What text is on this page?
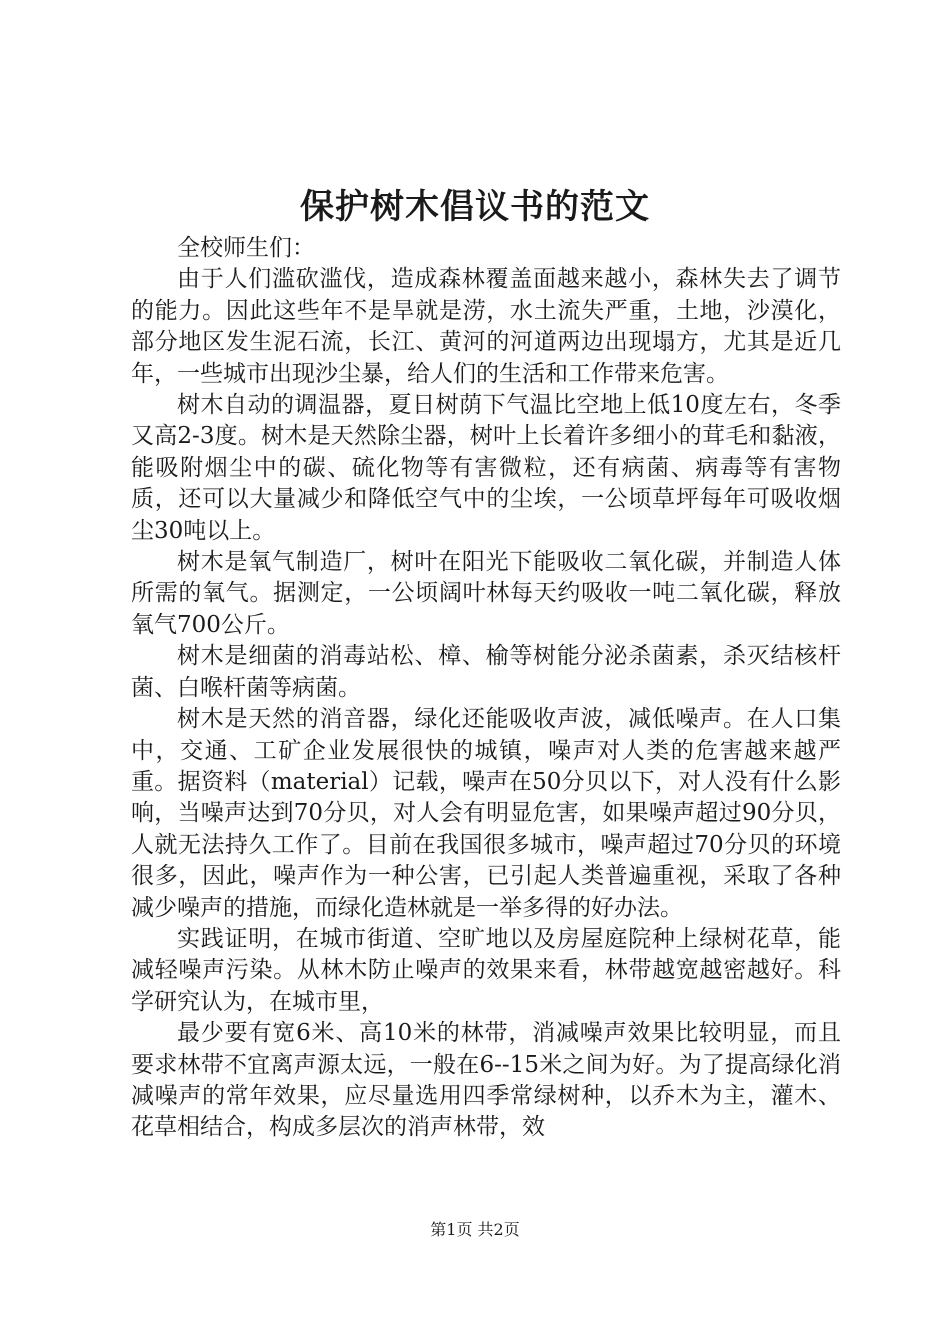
保护树木倡议书的范文

全校师生们：

由于人们滥砍滥伐，造成森林覆盖面越来越小，森林失去了调节的能力。因此这些年不是旱就是涝，水土流失严重，土地，沙漠化，部分地区发生泥石流，长江、黄河的河道两边出现塌方，尤其是近几年，一些城市出现沙尘暴，给人们的生活和工作带来危害。

树木自动的调温器，夏日树荫下气温比空地上低10度左右，冬季又高2-3度。树木是天然除尘器，树叶上长着许多细小的茸毛和黏液，能吸附烟尘中的碳、硫化物等有害微粒，还有病菌、病毒等有害物质，还可以大量减少和降低空气中的尘埃，一公顷草坪每年可吸收烟尘30吨以上。

树木是氧气制造厂，树叶在阳光下能吸收二氧化碳，并制造人体所需的氧气。据测定，一公顷阔叶林每天约吸收一吨二氧化碳，释放氧气700公斤。

树木是细菌的消毒站松、樟、榆等树能分泌杀菌素，杀灭结核杆菌、白喉杆菌等病菌。

树木是天然的消音器，绿化还能吸收声波，减低噪声。在人口集中，交通、工矿企业发展很快的城镇，噪声对人类的危害越来越严重。据资料（material）记载，噪声在50分贝以下，对人没有什么影响，当噪声达到70分贝，对人会有明显危害，如果噪声超过90分贝，人就无法持久工作了。目前在我国很多城市，噪声超过70分贝的环境很多，因此，噪声作为一种公害，已引起人类普遍重视，采取了各种减少噪声的措施，而绿化造林就是一举多得的好办法。

实践证明，在城市街道、空旷地以及房屋庭院种上绿树花草，能减轻噪声污染。从林木防止噪声的效果来看，林带越宽越密越好。科学研究认为，在城市里，

最少要有宽6米、高10米的林带，消减噪声效果比较明显，而且要求林带不宜离声源太远，一般在6--15米之间为好。为了提高绿化消减噪声的常年效果，应尽量选用四季常绿树种，以乔木为主，灌木、花草相结合，构成多层次的消声林带，效

第1页 共2页
